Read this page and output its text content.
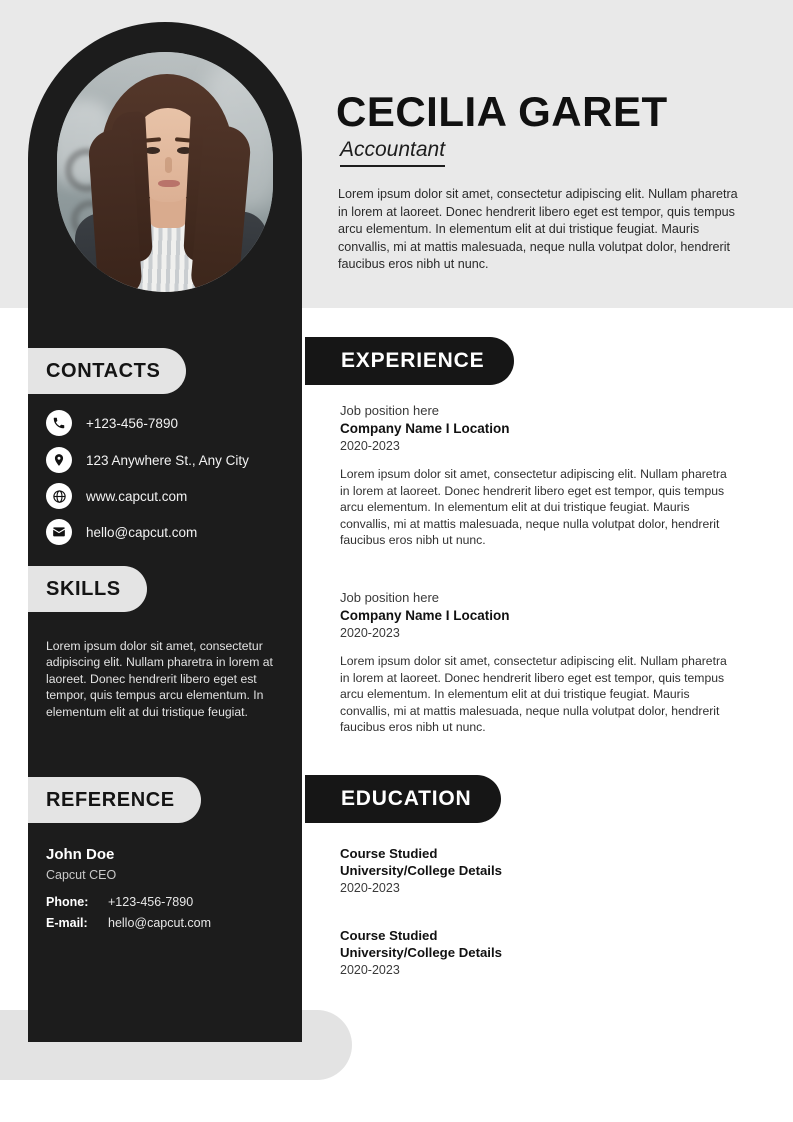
CECILIA GARET
Accountant
Lorem ipsum dolor sit amet, consectetur adipiscing elit. Nullam pharetra in lorem at laoreet. Donec hendrerit libero eget est tempor, quis tempus arcu elementum. In elementum elit at dui tristique feugiat. Mauris convallis, mi at mattis malesuada, neque nulla volutpat dolor, hendrerit faucibus eros nibh ut nunc.
CONTACTS
+123-456-7890
123 Anywhere St., Any City
www.capcut.com
hello@capcut.com
SKILLS
Lorem ipsum dolor sit amet, consectetur adipiscing elit. Nullam pharetra in lorem at laoreet. Donec hendrerit libero eget est tempor, quis tempus arcu elementum. In elementum elit at dui tristique feugiat.
REFERENCE
John Doe
Capcut CEO
Phone:	+123-456-7890
E-mail:	hello@capcut.com
EXPERIENCE
Job position here
Company Name I Location
2020-2023
Lorem ipsum dolor sit amet, consectetur adipiscing elit. Nullam pharetra in lorem at laoreet. Donec hendrerit libero eget est tempor, quis tempus arcu elementum. In elementum elit at dui tristique feugiat. Mauris convallis, mi at mattis malesuada, neque nulla volutpat dolor, hendrerit faucibus eros nibh ut nunc.
Job position here
Company Name I Location
2020-2023
Lorem ipsum dolor sit amet, consectetur adipiscing elit. Nullam pharetra in lorem at laoreet. Donec hendrerit libero eget est tempor, quis tempus arcu elementum. In elementum elit at dui tristique feugiat. Mauris convallis, mi at mattis malesuada, neque nulla volutpat dolor, hendrerit faucibus eros nibh ut nunc.
EDUCATION
Course Studied
University/College Details
2020-2023
Course Studied
University/College Details
2020-2023
